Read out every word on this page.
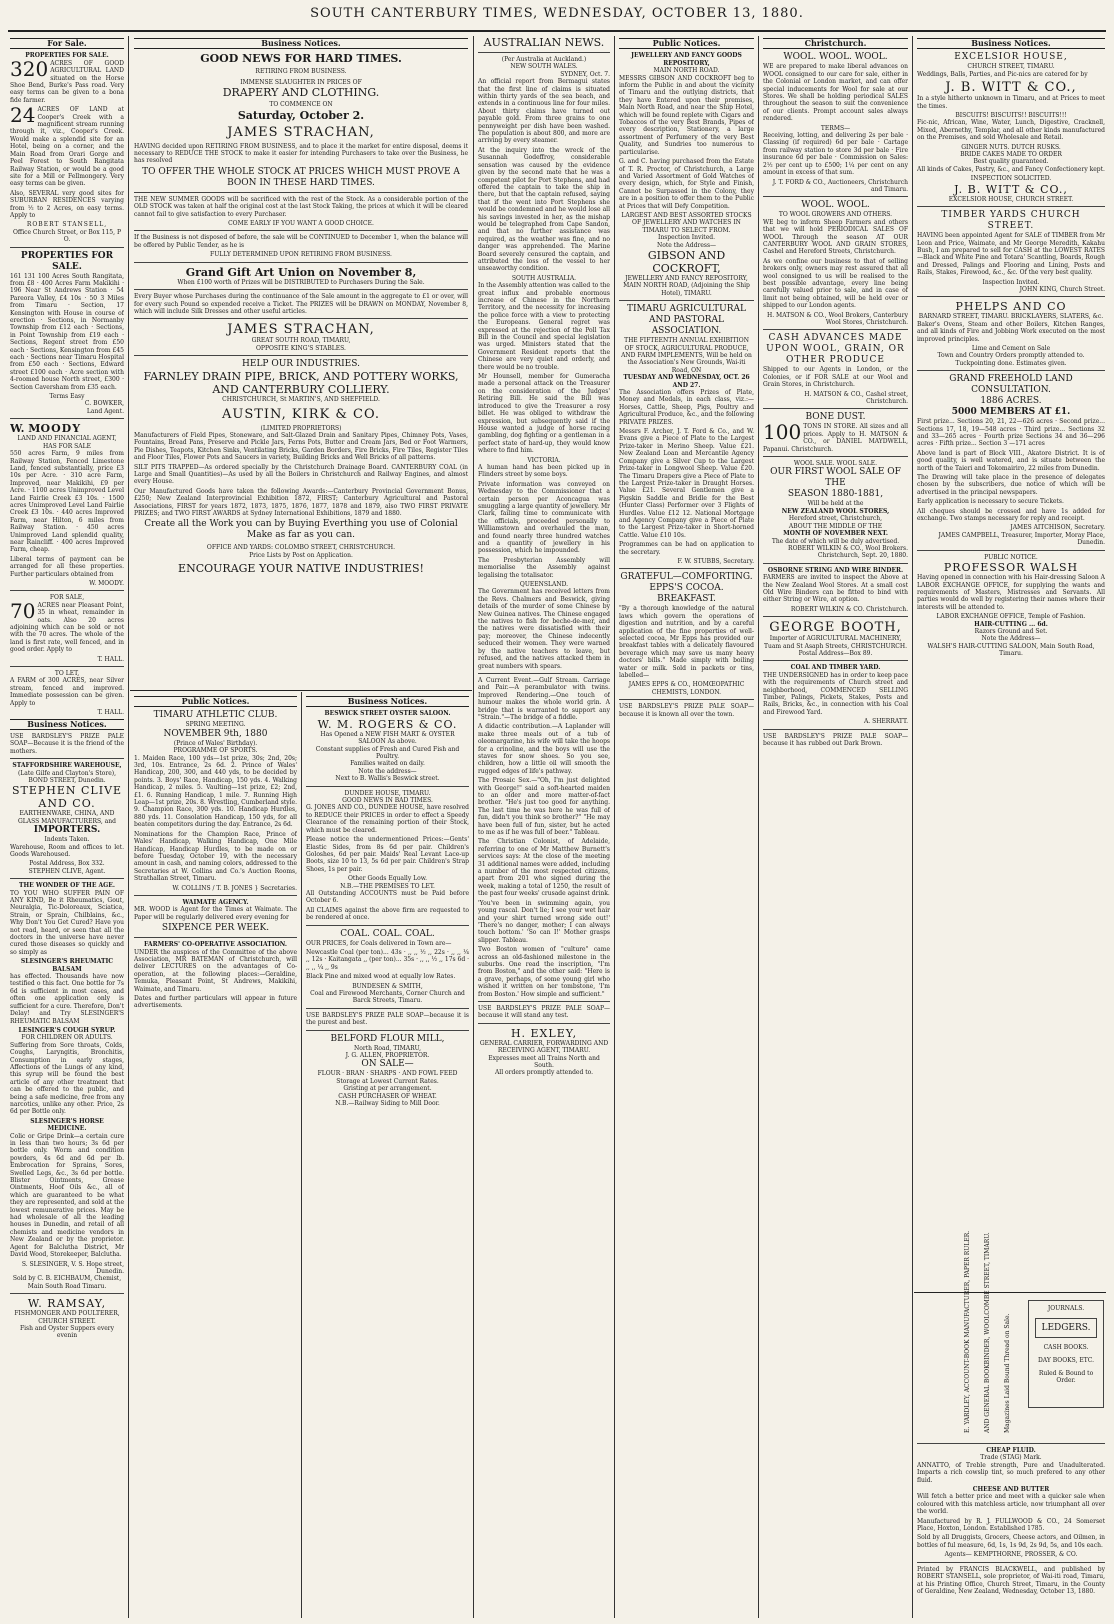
SOUTH CANTERBURY TIMES, WEDNESDAY, OCTOBER 13, 1880.
For Sale.
PROPERTIES FOR SALE.

320 ACRES OF GOOD AGRICULTURAL LAND situated on the Horse Shoe Bend, Burke's Pass road. Very easy terms can be given to a bona fide farmer.

24 ACRES OF LAND at Cooper's Creek with a magnificent stream running through it, viz., Cooper's Creek. Would make a splendid site for an Hotel, being on a corner, and the Main Road from Orari Gorge and Peel Forest to South Rangitata Railway Station, or would be a good site for a Mill or Fellmongery. Very easy terms can be given.

Also, SEVERAL very good sites for SUBURBAN RESIDENCES varying from ½ to 2 Acres, on easy terms. Apply to

ROBERT STANSELL,
Office Church Street, or Box 115, P O.
PROPERTIES FOR SALE.

161 131 100 Acres South Rangitata, from £8 · 400 Acres Farm Makikihi · 196 Near St Andrews Station · 54 Pareora Valley, £4 10s · 50 3 Miles from Timaru · Section, 17 Kensington with House in course of erection · Sections, in Normanby Township from £12 each · Sections, in Point Township from £19 each · Sections, Regent street from £50 each · Sections, Kensington from £45 each · Sections near Timaru Hospital from £50 each · Sections, Edward street £100 each · Acre section with 4-roomed house North street, £300 · Section Caversham from £35 each.

Terms Easy
C. BOWKER,
Land Agent.
W. MOODY
LAND AND FINANCIAL AGENT, HAS FOR SALE

550 acres Farm, 9 miles from Railway Station, Fencod Limestone Land, fenced substantially, price £3 10s per Acre. · 310 acre Farm, Improved, near Makikihi, £9 per Acre. · 1100 acres Unimproved Level Land Fairlie Creek £3 10s. · 1500 acres Unimproved Level Land Fairlie Creek £3 10s. · 440 acres Improved Farm, near Hilton, 6 miles from Railway Station. · 450 acres Unimproved Land splendid quality, near Raincliff. · 400 acres Improved Farm, cheap.

Liberal terms of payment can be arranged for all these properties. Further particulars obtained from

W. MOODY.
FOR SALE,

70 ACRES near Pleasant Point, 35 in wheat, remainder in oats. Also 20 acres adjoining which can be sold or not with the 70 acres. The whole of the land is first rate, well fenced, and in good order. Apply to

T. HALL.
TO LET,

A FARM of 300 ACRES, near Silver stream, fenced and improved. Immediate possession can be given. Apply to

T. HALL.
Business Notices.

USE BARDSLEY'S PRIZE PALE SOAP—Because it is the friend of the mothers.

STAFFORDSHIRE WAREHOUSE,
(Late Gilfe and Clayton's Store), BOND STREET, Dunedin.
STEPHEN CLIVE AND CO.
EARTHENWARE, CHINA, AND GLASS MANUFACTURERS, and
IMPORTERS.
Indents Taken.

Warehouse, Room and offices to let. Goods Warehoused.

Postal Address, Box 332.
STEPHEN CLIVE, Agent.
THE WONDER OF THE AGE.

TO YOU WHO SUFFER PAIN OF ANY KIND, Be it Rheumatics, Gout, Neuralgia, Tic-Doloreaux, Sciatica, Strain, or Sprain, Chilblains, &c., Why Don't You Get Cured? Have you not read, heard, or seen that all the doctors in the universe have never cured those diseases so quickly and so simply as

SLESINGER'S RHEUMATIC BALSAM

has effected. Thousands have now testified o this fact. One bottle for 7s 6d is sufficient in most cases, and often one application only is sufficient for a cure. Therefore, Don't Delay! and Try SLESINGER'S RHEUMATIC BALSAM

LESINGER'S COUGH SYRUP.
FOR CHILDREN OR ADULTS.

Suffering from Sore throats, Colds, Coughs, Laryngitis, Bronchitis, Consumption in early stages, Affections of the Lungs of any kind, this syrup will be found the best article of any other treatment that can be offered to the public, and being a safe medicine, free from any narcotics, unlike any other. Price, 2s 6d per Bottle only.

SLESINGER'S HORSE MEDICINE.

Colic or Gripe Drink—a certain cure in less than two hours; 3s 6d per bottle only. Worm and condition powders, 4s 6d and 6d per lb. Embrocation for Sprains, Sores, Swelled Legs, &c., 3s 6d per bottle. Blister Ointments, Grease Ointments, Hoof Oils &c., all of which are guaranteed to be what they are represented, and sold at the lowest remunerative prices. May be had wholesale of all the leading houses in Dunedin, and retail of all chemists and medicine vendors in New Zealand or by the proprietor. Agent for Balclutha District, Mr David Wood, Storekeeper, Balclutha.

S. SLESINGER, V. S. Hope street, Dunedin.
Sold by C. B. EICHBAUM, Chemist, Main South Road Timaru.
W. RAMSAY,
FISHMONGER AND POULTERER, CHURCH STREET.
Fish and Oyster Suppers every evenin
Business Notices.
GOOD NEWS FOR HARD TIMES.
RETIRING FROM BUSINESS.
IMMENSE SLAUGHTER IN PRICES OF
DRAPERY AND CLOTHING.
TO COMMENCE ON
Saturday, October 2.
JAMES STRACHAN,

HAVING decided upon RETIRING FROM BUSINESS, and to place it the market for entire disposal, deems it necessary to REDUCE THE STOCK to make it easier for intending Purchasers to take over the Business, he has resolved

TO OFFER THE WHOLE STOCK AT PRICES WHICH MUST PROVE A BOON IN THESE HARD TIMES.

THE NEW SUMMER GOODS will be sacrificed with the rest of the Stock. As a considerable portion of the OLD STOCK was taken at half the original cost at the last Stock Taking, the prices at which it will be cleared cannot fail to give satisfaction to every Purchaser.

COME EARLY IF YOU WANT A GOOD CHOICE.

If the Business is not disposed of before, the sale will be CONTINUED to December 1, when the balance will be offered by Public Tender, as he is

FULLY DETERMINED UPON RETIRING FROM BUSINESS.
Grand Gift Art Union on November 8,
When £100 worth of Prizes will be DISTRIBUTED to Purchasers During the Sale.

Every Buyer whose Purchases during the continuance of the Sale amount in the aggregate to £1 or over, will for every such Pound so expended receive a Ticket. The PRIZES will be DRAWN on MONDAY, November 8, which will include Silk Dresses and other useful articles.

JAMES STRACHAN,
GREAT SOUTH ROAD, TIMARU,
OPPOSITE KING'S STABLES.
HELP OUR INDUSTRIES.
FARNLEY DRAIN PIPE, BRICK, AND POTTERY WORKS, AND CANTERBURY COLLIERY.
CHRISTCHURCH, St MARTIN'S, AND SHEFFIELD.
AUSTIN, KIRK & CO.
(LIMITED PROPRIETORS)

Manufacturers of Field Pipes, Stoneware, and Salt-Glazed Drain and Sanitary Pipes, Chimney Pots, Vases, Fountains, Bread Pans, Preserve and Pickle Jars, Ferns Pots, Butter and Cream Jars, Bed or Foot Warmers, Pie Dishes, Teapots, Kitchen Sinks, Ventilating Bricks, Garden Borders, Fire Bricks, Fire Tiles, Register Tiles and Floor Tiles, Flower Pots and Saucers in variety, Building Bricks and Well Bricks of all patterns.

SILT PITS TRAPPED—As ordered specially by the Christchurch Drainage Board. CANTERBURY COAL (in Large and Small Quantities)—As used by all the Boilers in Christchurch and Railway Engines, and almost every House.

Our Manufactured Goods have taken the following Awards:—Canterbury Provincial Government Bonus, £250; New Zealand Interprovincial Exhibition 1872, FIRST; Canterbury Agricultural and Pastoral Associations, FIRST for years 1872, 1873, 1875, 1876, 1877, 1878 and 1879, also TWO FIRST PRIVATE PRIZES; and TWO FIRST AWARDS at Sydney International Exhibitions, 1879 and 1880.

Create all the Work you can by Buying Everthing you use of Colonial Make as far as you can.
OFFICE AND YARDS: COLOMBO STREET, CHRISTCHURCH.
Price Lists by Post on Application.
ENCOURAGE YOUR NATIVE INDUSTRIES!
Public Notices.
TIMARU ATHLETIC CLUB.
SPRING MEETING.
NOVEMBER 9th, 1880
(Prince of Wales' Birthday).
PROGRAMME OF SPORTS.

1. Maiden Race, 100 yds—1st prize, 30s; 2nd, 20s; 3rd, 10s. Entrance, 2s 6d. 2. Prince of Wales' Handicap, 200, 300, and 440 yds, to be decided by points. 3. Boys' Race, Handicap, 150 yds. 4. Walking Handicap, 2 miles. 5. Vaulting—1st prize, £2; 2nd, £1. 6. Running Handicap, 1 mile. 7. Running High Leap—1st prize, 20s. 8. Wrestling, Cumberland style. 9. Champion Race, 300 yds. 10. Handicap Hurdles, 880 yds. 11. Consolation Handicap, 150 yds, for all beaten competitors during the day. Entrance, 2s 6d.

Nominations for the Champion Race, Prince of Wales' Handicap, Walking Handicap, One Mile Handicap, Handicap Hurdles, to be made on or before Tuesday, October 19, with the necessary amount in cash, and naming colors, addressed to the Secretaries at W. Collins and Co.'s Auction Rooms, Strathallan Street, Timaru.

W. COLLINS / T. B. JONES } Secretaries.
WAIMATE AGENCY.

MR. WOOD is Agent for the Times at Waimate. The Paper will be regularly delivered every evening for

SIXPENCE PER WEEK.
FARMERS' CO-OPERATIVE ASSOCIATION.

UNDER the auspices of the Committee of the above Association, MR BATEMAN of Christchurch, will deliver LECTURES on the advantages of Co-operation, at the following places:—Geraldine, Temuka, Pleasant Point, St Andrews, Makikihi, Waimate, and Timaru.

Dates and further particulars will appear in future advertisements.

Business Notices.
BESWICK STREET OYSTER SALOON.
W. M. ROGERS & CO.
Has Opened a NEW FISH MART & OYSTER SALOON As above.
Constant supplies of Fresh and Cured Fish and Poultry.
Families waited on daily.
Note the address—
Next to B. Wallis's Beswick street.
DUNDEE HOUSE, TIMARU.
GOOD NEWS IN BAD TIMES.

G. JONES AND CO., DUNDEE HOUSE, have resolved to REDUCE their PRICES in order to effect a Speedy Clearance of the remaining portion of their Stock, which must be cleared.

Please notice the undermentioned Prices:—Gents' Elastic Sides, from 8s 6d per pair. Children's Goloshes, 6d per pair. Maids' Real Levant Lace-up Boots, size 10 to 13, 5s 6d per pair. Children's Strap Shoes, 1s per pair.

Other Goods Equally Low.
N.B.—THE PREMISES TO LET.

All Outstanding ACCOUNTS must be Paid before October 6.

All CLAIMS against the above firm are requested to be rendered at once.

COAL. COAL. COAL.

OUR PRICES, for Coals delivered in Town are—

Newcastle Coal (per ton)... 43s · ,, ,, ½ ,, 22s · ,, ,, ¼ ,, 12s · Kaitangata ,, (per ton)... 35s · ,, ,, ½ ,, 17s 6d · ,, ,, ¼ ,, 9s

Black Pine and mixed wood at equally low Rates.

BUNDESEN & SMITH,
Coal and Firewood Merchants, Corner Church and Barck Streets, Timaru.

USE BARDSLEY'S PRIZE PALE SOAP—because it is the purest and best.

BELFORD FLOUR MILL,
North Road, TIMARU,
J. G. ALLEN, PROPRIETOR.
ON SALE—
FLOUR · BRAN · SHARPS · AND FOWL FEED
Storage at Lowest Current Rates.
Gristing at per arrangement.
CASH PURCHASER OF WHEAT.
N.B.—Railway Siding to Mill Door.
AUSTRALIAN NEWS.
(Per Australia at Auckland.)
NEW SOUTH WALES.
SYDNEY, Oct. 7.

An official report from Bermagui states that the first line of claims is situated within thirty yards of the sea beach, and extends in a continuous line for four miles. About thirty claims have turned out payable gold. From three grains to one pennyweight per dish have been washed. The population is about 800, and more are arriving by every steamer.

At the inquiry into the wreck of the Susannah Godeffroy, considerable sensation was caused by the evidence given by the second mate that he was a competent pilot for Port Stephens, and had offered the captain to take the ship in there, but that the captain refused, saying that if the went into Port Stephens she would be condemned and he would lose all his savings invested in her, as the mishap would be telegraphed from Cape Sandon, and that no further assistance was required, as the weather was fine, and no danger was apprehended. The Marine Board severely censured the captain, and attributed the loss of the vessel to her unseaworthy condition.

SOUTH AUSTRALIA.

In the Assembly attention was called to the great influx and probable enormous increase of Chinese in the Northern Territory, and the necessity for increasing the police force with a view to protecting the Europeans. General regret was expressed at the rejection of the Poll Tax Bill in the Council and special legislation was urged. Ministers stated that the Government Resident reports that the Chinese are very quiet and orderly, and there would be no trouble.

Mr Hounsell, member for Gumeracha made a personal attack on the Treasurer on the consideration of the Judges' Retiring Bill. He said the Bill was introduced to give the Treasurer a rosy billet. He was obliged to withdraw the expression, but subsequently said if the House wanted a judge of horse racing gambling, dog fighting or a gentleman in a perfect state of hard-up, they would know where to find him.

VICTORIA.

A human hand has been picked up in Flinders street by some boys.

Private information was conveyed on Wednesday to the Commissioner that a certain person per Aconcagua was smuggling a large quantity of jewellery. Mr Clark, failing time to communicate with the officials, proceeded personally to Williamstown and overhauled the man, and found nearly three hundred watches and a quantity of jewellery in his possession, which he impounded.

The Presbyterian Assembly will memorialise the Assembly against legalising the totalisator.

QUEENSLAND.

The Government has received letters from the Revs. Chalmers and Beswick, giving details of the murder of some Chinese by New Guinea natives. The Chinese engaged the natives to fish for beche-de-mer, and the natives were dissatisfied with their pay; moreover, the Chinese indecently seduced their women. They were warned by the native teachers to leave, but refused, and the natives attacked them in great numbers with spears.

A Current Event.—Gulf Stream. Carriage and Pair.—A perambulator with twins. Improved Rendering.—One touch of humour makes the whole world grin. A bridge that is warranted to support any "Strain."—The bridge of a fiddle.

A didactic contribution.—A Laplander will make three meals out of a tub of oleomargarine, his wife will take the hoops for a crinoline, and the boys will use the staves for snow shoes. So you see, children, how a little oil will smooth the rugged edges of life's pathway.

The Prosaic Sex.—"Oh, I'm just delighted with George!" said a soft-hearted maiden to an older and more matter-of-fact brother. "He's just too good for anything. The last time he was here he was full of fun, didn't you think so brother?" "He may have been full of fun, sister, but he acted to me as if he was full of beer." Tableau.

The Christian Colonist, of Adelaide, referring to one of Mr Matthew Burnett's services says: At the close of the meeting 31 additional names were added, including a number of the most respected citizens, apart from 201 who signed during the week, making a total of 1250, the result of the past four weeks' crusade against drink.

'You've been in swimming again, you young rascal. Don't lie; I see your wet hair and your shirt turned wrong side out!' 'There's no danger, mother; I can always touch bottom.' 'So can I!' Mother grasps slipper. Tableau.

Two Boston women of "culture" came across an old-fashioned milestone in the suburbs. One read the inscription, "I'm from Boston," and the other said: "Here is a grave, perhaps, of some young girl who wished it written on her tombstone, 'I'm from Boston.' How simple and sufficient."

USE BARDSLEY'S PRIZE PALE SOAP—because it will stand any test.

H. EXLEY,
GENERAL CARRIER, FORWARDING AND RECEIVING AGENT, TIMARU.
Expresses meet all Trains North and South.
All orders promptly attended to.
Public Notices.
JEWELLERY AND FANCY GOODS REPOSITORY,
MAIN NORTH ROAD.

MESSRS GIBSON AND COCKROFT beg to inform the Public in and about the vicinity of Timaru and the outlying districts, that they have Entered upon their premises, Main North Road, and near the Ship Hotel, which will be found replete with Cigars and Tobaccos of the very Best Brands, Pipes of every description, Stationery, a large assortment of Perfumery of the very Best Quality, and Sundries too numerous to particularise.

G. and C. having purchased from the Estate of T. R. Proctor, of Christchurch, a Large and Varied Assortment of Gold Watches of every design, which, for Style and Finish, Cannot be Surpassed in the Colony, they are in a position to offer them to the Public at Prices that will Defy Competition.

LARGEST AND BEST ASSORTED STOCKS OF JEWELLERY AND WATCHES IN TIMARU TO SELECT FROM.
Inspection Invited.
Note the Address—
GIBSON AND COCKROFT,
JEWELLERY AND FANCY REPOSITORY, MAIN NORTH ROAD, (Adjoining the Ship Hotel), TIMARU.
TIMARU AGRICULTURAL AND PASTORAL ASSOCIATION.
THE FIFTEENTH ANNUAL EXHIBITION OF STOCK, AGRICULTURAL PRODUCE, AND FARM IMPLEMENTS, Will be held on the Association's New Grounds, Wai-iti Road, ON
TUESDAY AND WEDNESDAY, OCT. 26 AND 27.

The Association offers Prizes of Plate, Money and Medals, in each class, viz.:—Horses, Cattle, Sheep, Pigs, Poultry and Agricultural Produce, &c., and the following PRIVATE PRIZES.

Messrs F. Archer, J. T. Ford & Co., and W. Evans give a Piece of Plate to the Largest Prize-taker in Merino Sheep. Value £21. New Zealand Loan and Mercantile Agency Company give a Silver Cup to the Largest Prize-taker in Longwool Sheep. Value £20. The Timaru Drapers give a Piece of Plate to the Largest Prize-taker in Draught Horses. Value £21. Several Gentlemen give a Pigskin Saddle and Bridle for the Best (Hunter Class) Performer over 3 Flights of Hurdles. Value £12 12. National Mortgage and Agency Company give a Piece of Plate to the Largest Prize-taker in Short-horned Cattle. Value £10 10s.

Programmes can be had on application to the secretary.

F. W. STUBBS, Secretary.
GRATEFUL—COMFORTING. EPPS'S COCOA. BREAKFAST.

"By a thorough knowledge of the natural laws which govern the operations of digestion and nutrition, and by a careful application of the fine properties of well-selected cocoa, Mr Epps has provided our breakfast tables with a delicately flavoured beverage which may save us many heavy doctors' bills." Made simply with boiling water or milk. Sold in packets or tins, labelled—

JAMES EPPS & CO., HOMŒOPATHIC CHEMISTS, LONDON.

USE BARDSLEY'S PRIZE PALE SOAP—because it is known all over the town.

Christchurch.
WOOL. WOOL. WOOL.

WE are prepared to make liberal advances on WOOL consigned to our care for sale, either in the Colonial or London market, and can offer special inducements for Wool for sale at our Stores. We shall be holding periodical SALES throughout the season to suit the convenience of our clients. Prompt account sales always rendered.

TERMS—

Receiving, lotting, and delivering 2s per bale · Classing (if required) 6d per bale · Cartage from railway station to store 3d per bale · Fire insurance 6d per bale · Commission on Sales: 2½ per cent up to £500; 1¼ per cent on any amount in excess of that sum.

J. T. FORD & CO., Auctioneers, Christchurch and Timaru.
WOOL. WOOL.
TO WOOL GROWERS AND OTHERS.

WE beg to inform Sheep Farmers and others that we will hold PERIODICAL SALES OF WOOL Through the season AT OUR CANTERBURY WOOL AND GRAIN STORES, Cashel and Hereford Streets, Christchurch.

As we confine our business to that of selling brokers only, owners may rest assured that all wool consigned to us will be realised to the best possible advantage, every line being carefully valued prior to sale, and in case of limit not being obtained, will be held over or shipped to our London agents.

H. MATSON & CO., Wool Brokers, Canterbury Wool Stores, Christchurch.
CASH ADVANCES MADE UPON WOOL, GRAIN, OR OTHER PRODUCE

Shipped to our Agents in London, or the Colonies, or if FOR SALE at our Wool and Grain Stores, in Christchurch.

H. MATSON & CO., Cashel street, Christchurch.
BONE DUST.

100 TONS IN STORE. All sizes and all prices. Apply to H. MATSON & CO., or DANIEL MAYDWELL, Papanui. Christchurch.

WOOL SALE. WOOL SALE.
OUR FIRST WOOL SALE OF THE
SEASON 1880-1881,
Will be held at the
NEW ZEALAND WOOL STORES,
Hereford street, Christchurch,
ABOUT THE MIDDLE OF THE
MONTH OF NOVEMBER NEXT.
The date of which will be duly advertised.
ROBERT WILKIN & CO., Wool Brokers. Christchurch, Sept. 20, 1880.
OSBORNE STRING AND WIRE BINDER.

FARMERS are invited to inspect the Above at the New Zealand Wool Stores. At a small cost Old Wire Binders can be fitted to bind with either String or Wire, at option.

ROBERT WILKIN & CO. Christchurch.
GEORGE BOOTH,
Importer of AGRICULTURAL MACHINERY, Tuam and St Asaph Streets, CHRISTCHURCH.
Postal Address—Box 89.
COAL AND TIMBER YARD.

THE UNDERSIGNED has in order to keep pace with the requirements of Church street and neighborhood, COMMENCED SELLING Timber, Palings, Pickets, Stakes, Posts and Rails, Bricks, &c., in connection with his Coal and Firewood Yard.

A. SHERRATT.

USE BARDSLEY'S PRIZE PALE SOAP—because it has rubbed out Dark Brown.

Business Notices.
EXCELSIOR HOUSE,
CHURCH STREET, TIMARU.

Weddings, Balls, Parties, and Pic-nics are catered for by

J. B. WITT & CO.,

In a style hitherto unknown in Timaru, and at Prices to meet the times.

BISCUITS! BISCUITS!! BISCUITS!!!

Fic-nic, African, Wine, Water, Lunch, Digestive, Cracknell, Mixed, Abernethy, Templar, and all other kinds manufactured on the Premises, and sold Wholesale and Retail.

GINGER NUTS. DUTCH RUSKS.
BRIDE CAKES MADE TO ORDER
Best quality guaranteed.

All kinds of Cakes, Pastry, &c., and Fancy Confectionery kept.

INSPECTION SOLICITED.
J. B. WITT & CO.,
EXCELSIOR HOUSE, CHURCH STREET.
TIMBER YARDS CHURCH STREET.

HAVING been appointed Agent for SALE of TIMBER from Mr Leon and Price, Waimate, and Mr George Meredith, Kakahu Bush, I am prepared to sell for CASH at the LOWEST RATES—Black and White Pine and Totara' Scantling, Boards, Rough and Dressed, Palings and Flooring and Lining, Posts and Rails, Stakes, Firewood, &c., &c. Of the very best quality.

Inspection Invited.
JOHN KING, Church Street.
PHELPS AND CO
BARNARD STREET, TIMARU. BRICKLAYERS, SLATERS, &c.

Baker's Ovens, Steam and other Boilers, Kitchen Ranges, and all kinds of Fire and Jobbing Work executed on the most improved principles.

Lime and Cement on Sale
Town and Country Orders promptly attended to.
Tuckpointing done. Estimates given.
GRAND FREEHOLD LAND CONSULTATION.
1886 ACRES.
5000 MEMBERS AT £1.

First prize... Sections 20, 21, 22—626 acres · Second prize... Sections 17, 18, 19—548 acres · Third prize... Sections 32 and 33—265 acres · Fourth prize Sections 34 and 36—296 acres · Fifth prize... Section 3 —171 acres

Above land is part of Block VIII., Akatore District. It is of good quality, is well watered, and is situate between the north of the Taieri and Tokomairiro, 22 miles from Dunedin.

The Drawing will take place in the presence of delegates chosen by the subscribers, due notice of which will be advertised in the principal newspapers.

Early application is necessary to secure Tickets.

All cheques should be crossed and have 1s added for exchange. Two stamps necessary for reply and receipt.

JAMES AITCHISON, Secretary.
JAMES CAMPBELL, Treasurer, Importer, Moray Place, Dunedin.
PUBLIC NOTICE.
PROFESSOR WALSH

Having opened in connection with his Hair-dressing Saloon A LABOR EXCHANGE OFFICE, for supplying the wants and requirements of Masters, Mistresses and Servants. All parties would do well by registering their names where their interests will be attended to.

LABOR EXCHANGE OFFICE, Temple of Fashion.
HAIR-CUTTING ... 6d.
Razors Ground and Set.
Note the Address—
WALSH'S HAIR-CUTTING SALOON, Main South Road, Timaru.
E. YARDLEY, ACCOUNT-BOOK MANUFACTURER, PAPER RULER. AND GENERAL BOOKBINDER, WOOLCOMBE STREET, TIMARU. Magazines Laid Bound Thread on Sale.
JOURNALS.
LEDGERS.
CASH BOOKS.
DAY BOOKS, ETC.
Ruled & Bound to Order.
CHEAP FLUID.
Trade (STAG) Mark.

ANNATTO, of Treble strength, Pure and Unadulterated. Imparts a rich cowslip tint, so much prefered to any other fluid.

CHEESE AND BUTTER

Will fetch a better price and meet with a quicker sale when coloured with this matchless article, now triumphant all over the world.

Manufactured by R. J. FULLWOOD & CO., 24 Somerset Place, Hoxton, London. Established 1785.

Sold by all Druggists, Grocers, Cheese actors, and Oilmen, in bottles of ful measure, 6d, 1s, 1s 9d, 2s 9d, 5s, and 10s each.

Agents— KEMPTHORNE, PROSSER, & CO.

Printed by FRANCIS BLACKWELL, and published by ROBERT STANSELL, sole proprietor, of Wai-iti road, Timaru, at his Printing Office, Church Street, Timaru, in the County of Geraldine, New Zealand, Wednesday, October 13, 1880.
